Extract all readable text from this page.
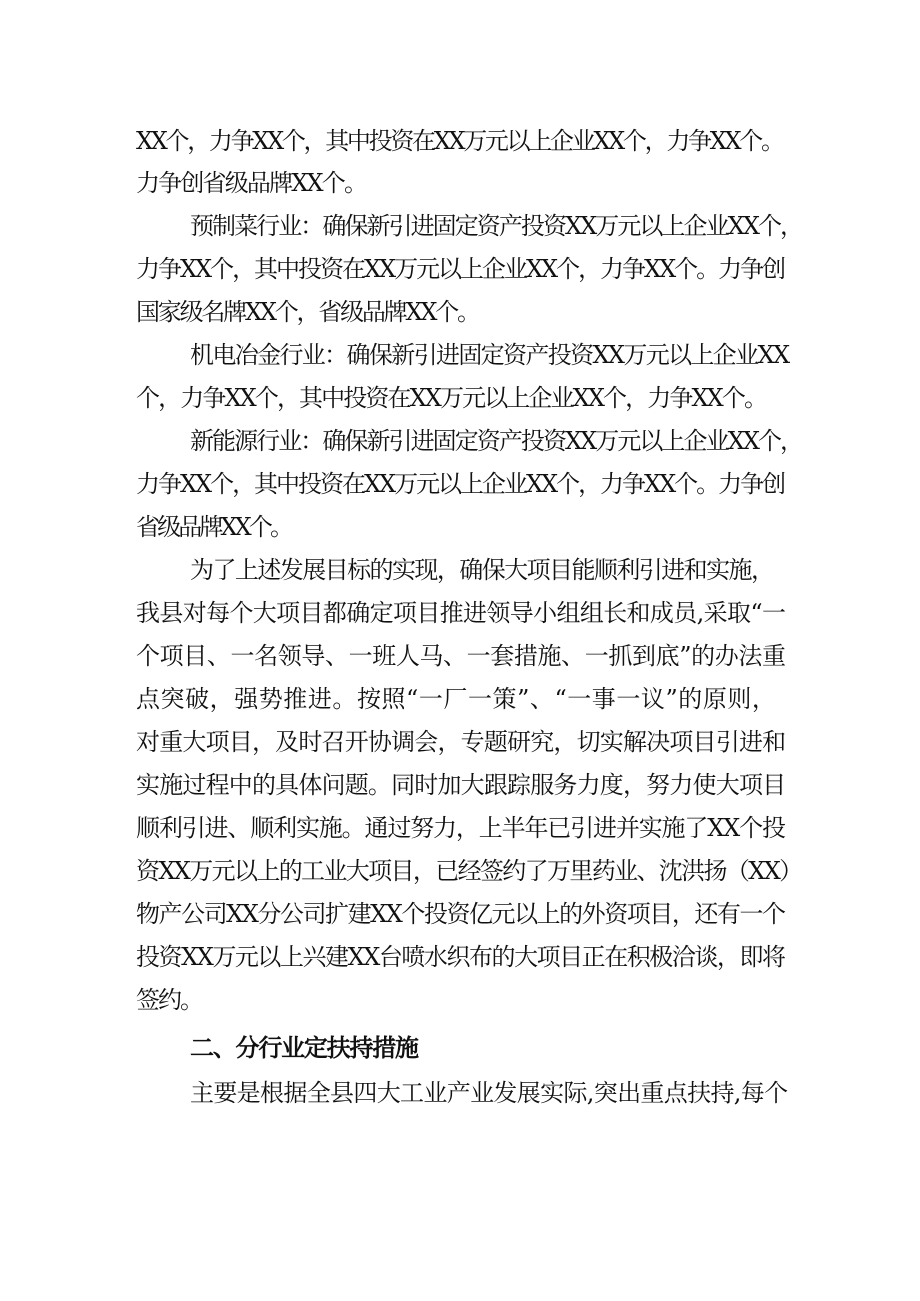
XX个，力争XX个，其中投资在XX万元以上企业XX个，力争XX个。
力争创省级品牌XX个。
预制菜行业：确保新引进固定资产投资XX万元以上企业XX个，
力争XX个，其中投资在XX万元以上企业XX个，力争XX个。力争创
国家级名牌XX个，省级品牌XX个。
机电冶金行业：确保新引进固定资产投资XX万元以上企业XX
个，力争XX个，其中投资在XX万元以上企业XX个，力争XX个。
新能源行业：确保新引进固定资产投资XX万元以上企业XX个，
力争XX个，其中投资在XX万元以上企业XX个，力争XX个。力争创
省级品牌XX个。
为了上述发展目标的实现，确保大项目能顺利引进和实施，
我县对每个大项目都确定项目推进领导小组组长和成员,采取“一
个项目、一名领导、一班人马、一套措施、一抓到底”的办法重
点突破，强势推进。按照“一厂一策”、“一事一议”的原则，
对重大项目，及时召开协调会，专题研究，切实解决项目引进和
实施过程中的具体问题。同时加大跟踪服务力度，努力使大项目
顺利引进、顺利实施。通过努力，上半年已引进并实施了XX个投
资XX万元以上的工业大项目，已经签约了万里药业、沈洪扬（XX）
物产公司XX分公司扩建XX个投资亿元以上的外资项目，还有一个
投资XX万元以上兴建XX台喷水织布的大项目正在积极洽谈，即将
签约。
二、分行业定扶持措施
主要是根据全县四大工业产业发展实际,突出重点扶持,每个
